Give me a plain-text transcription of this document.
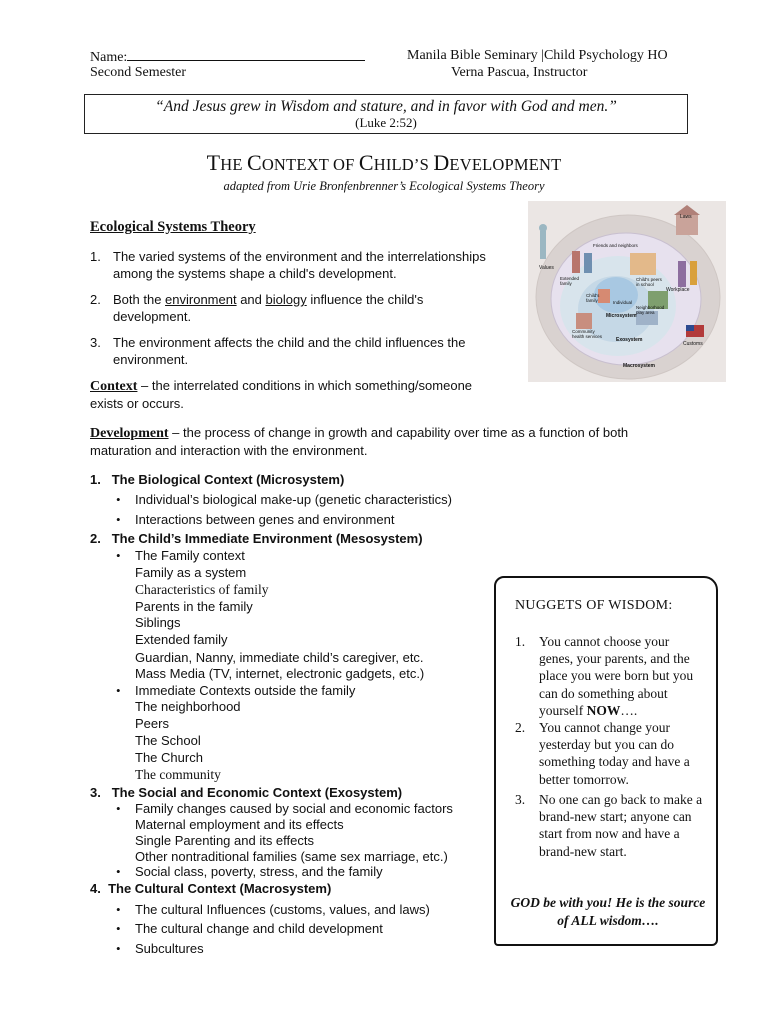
Name:
Second Semester
Manila Bible Seminary |Child Psychology HO
Verna Pascua, Instructor
“And Jesus grew in Wisdom and stature, and in favor with God and men.”
(Luke 2:52)
THE CONTEXT OF CHILD’S DEVELOPMENT
adapted from Urie Bronfenbrenner’s Ecological Systems Theory
Ecological Systems Theory
1. The varied systems of the environment and the interrelationships
among the systems shape a child's development.
2. Both the environment and biology influence the child's
development.
3. The environment affects the child and the child influences the
environment.
Laws
Values
Friends and neighbors
Extended family
Child's peers in school
Child's family	Individual
Workplace
Microsystem
Neighborhood play area
Community health services
Exosystem
Customs
Macrosystem
Context – the interrelated conditions in which something/someone
exists or occurs.
Development – the process of change in growth and capability over time as a function of both
maturation and interaction with the environment.
1. The Biological Context (Microsystem)
• Individual’s biological make-up (genetic characteristics)
• Interactions between genes and environment
2. The Child’s Immediate Environment (Mesosystem)
• The Family context
Family as a system
Characteristics of family
Parents in the family
Siblings
Extended family
Guardian, Nanny, immediate child’s caregiver, etc.
Mass Media (TV, internet, electronic gadgets, etc.)
• Immediate Contexts outside the family
The neighborhood
Peers
The School
The Church
The community
3. The Social and Economic Context (Exosystem)
• Family changes caused by social and economic factors
Maternal employment and its effects
Single Parenting and its effects
Other nontraditional families (same sex marriage, etc.)
• Social class, poverty, stress, and the family
4. The Cultural Context (Macrosystem)
• The cultural Influences (customs, values, and laws)
• The cultural change and child development
• Subcultures
NUGGETS OF WISDOM:
1. You cannot choose your genes, your parents, and the place you were born but you can do something about yourself NOW….
2. You cannot change your yesterday but you can do something today and have a better tomorrow.
3. No one can go back to make a brand-new start; anyone can start from now and have a brand-new start.
GOD be with you! He is the source of ALL wisdom….
